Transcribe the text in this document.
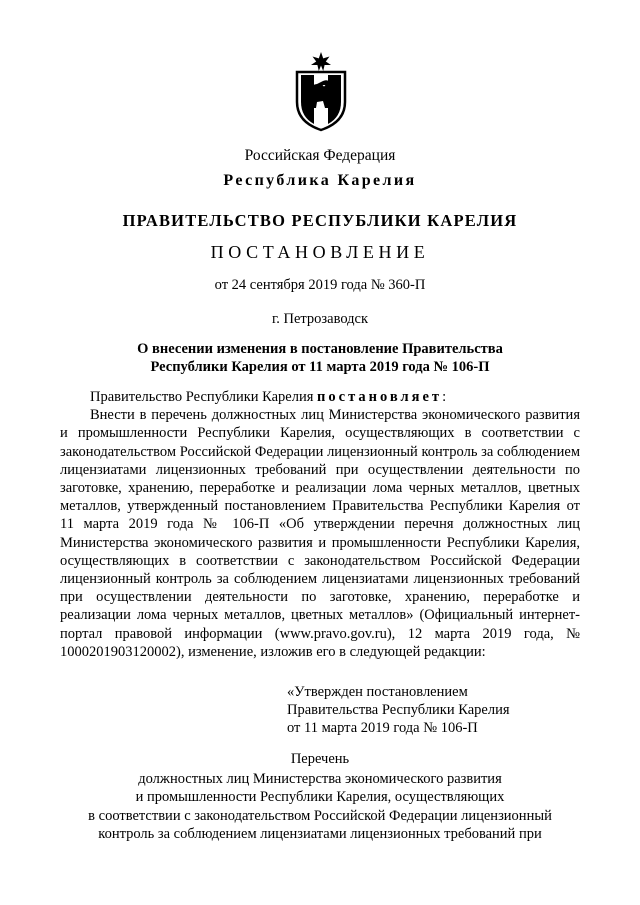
Российская Федерация
Республика Карелия
ПРАВИТЕЛЬСТВО РЕСПУБЛИКИ КАРЕЛИЯ
ПОСТАНОВЛЕНИЕ
от 24 сентября 2019 года № 360-П
г. Петрозаводск
О внесении изменения в постановление Правительства
Республики Карелия от 11 марта 2019 года № 106-П

Правительство Республики Карелия постановляет:

Внести в перечень должностных лиц Министерства экономического развития и промышленности Республики Карелия, осуществляющих в соответствии с законодательством Российской Федерации лицензионный контроль за соблюдением лицензиатами лицензионных требований при осуществлении деятельности по заготовке, хранению, переработке и реализации лома черных металлов, цветных металлов, утвержденный постановлением Правительства Республики Карелия от 11 марта 2019 года № 106-П «Об утверждении перечня должностных лиц Министерства экономического развития и промышленности Республики Карелия, осуществляющих в соответствии с законодательством Российской Федерации лицензионный контроль за соблюдением лицензиатами лицензионных требований при осуществлении деятельности по заготовке, хранению, переработке и реализации лома черных металлов, цветных металлов» (Официальный интернет-портал правовой информации (www.pravo.gov.ru), 12 марта 2019 года, № 1000201903120002), изменение, изложив его в следующей редакции:

«Утвержден постановлением
Правительства Республики Карелия
от 11 марта 2019 года № 106-П
Перечень
должностных лиц Министерства экономического развития
и промышленности Республики Карелия, осуществляющих
в соответствии с законодательством Российской Федерации лицензионный
контроль за соблюдением лицензиатами лицензионных требований при
